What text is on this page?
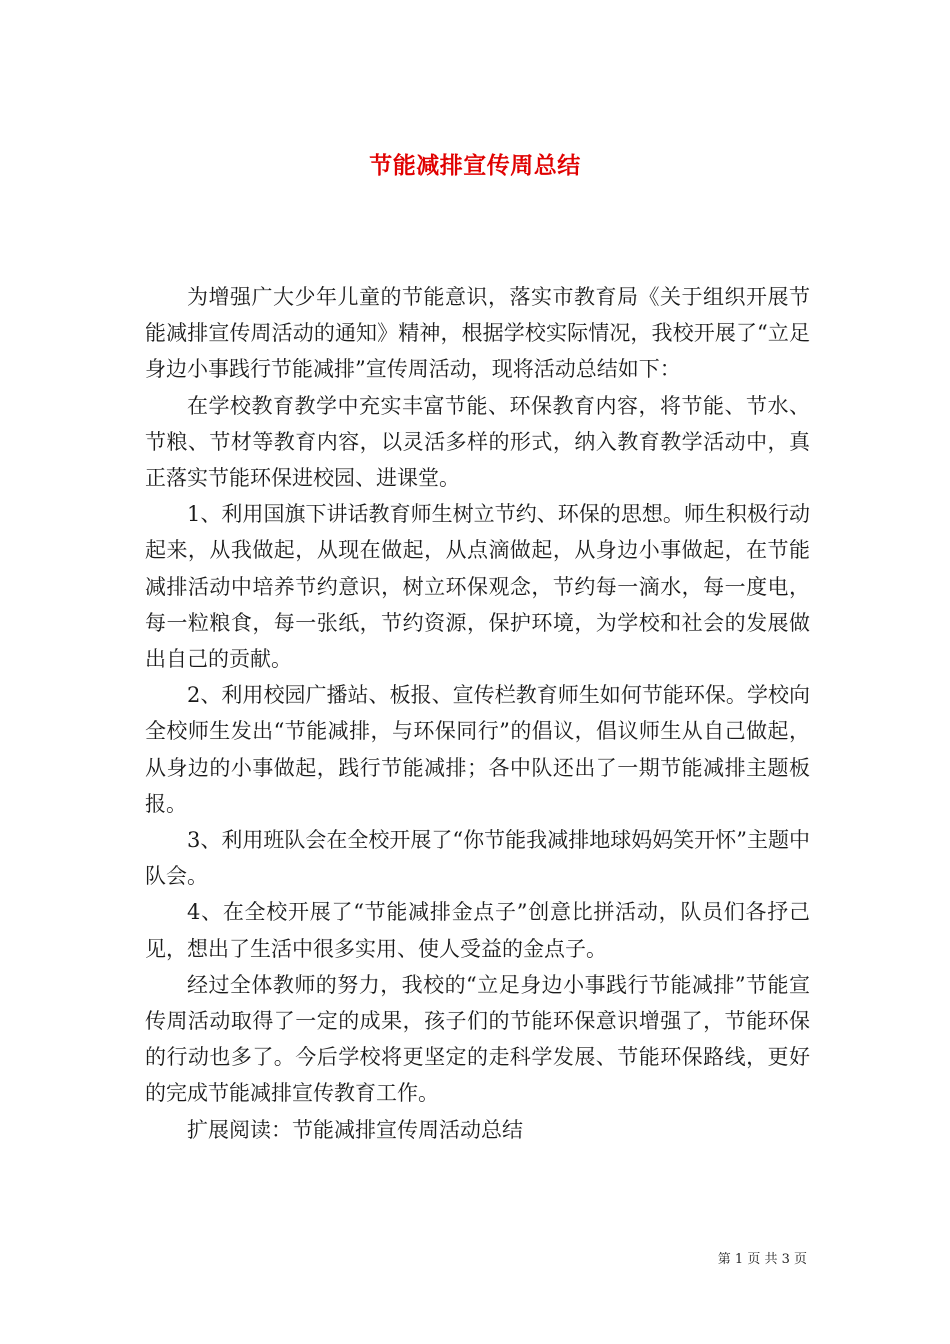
节能减排宣传周总结

为增强广大少年儿童的节能意识，落实市教育局《关于组织开展节能减排宣传周活动的通知》精神，根据学校实际情况，我校开展了“立足身边小事践行节能减排”宣传周活动，现将活动总结如下：

在学校教育教学中充实丰富节能、环保教育内容，将节能、节水、节粮、节材等教育内容，以灵活多样的形式，纳入教育教学活动中，真正落实节能环保进校园、进课堂。

1、利用国旗下讲话教育师生树立节约、环保的思想。师生积极行动起来，从我做起，从现在做起，从点滴做起，从身边小事做起，在节能减排活动中培养节约意识，树立环保观念，节约每一滴水，每一度电，每一粒粮食，每一张纸，节约资源，保护环境，为学校和社会的发展做出自己的贡献。

2、利用校园广播站、板报、宣传栏教育师生如何节能环保。学校向全校师生发出“节能减排，与环保同行”的倡议，倡议师生从自己做起，从身边的小事做起，践行节能减排；各中队还出了一期节能减排主题板报。

3、利用班队会在全校开展了“你节能我减排地球妈妈笑开怀”主题中队会。

4、在全校开展了“节能减排金点子”创意比拼活动，队员们各抒己见，想出了生活中很多实用、使人受益的金点子。

经过全体教师的努力，我校的“立足身边小事践行节能减排”节能宣传周活动取得了一定的成果，孩子们的节能环保意识增强了，节能环保的行动也多了。今后学校将更坚定的走科学发展、节能环保路线，更好的完成节能减排宣传教育工作。

扩展阅读：节能减排宣传周活动总结

第 1 页 共 3 页
